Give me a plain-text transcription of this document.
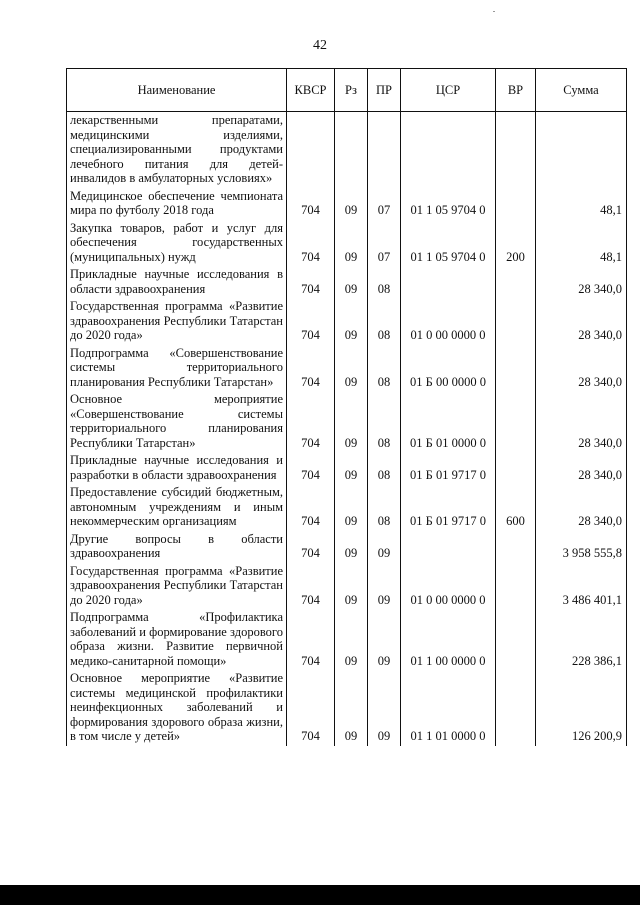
42
Наименование	КВСР	Рз	ПР	ЦСР	ВР	Сумма
лекарственными препаратами, медицинскими изделиями, специализированными продуктами лечебного питания для детей-инвалидов в амбулаторных условиях»						
Медицинское обеспечение чемпионата мира по футболу 2018 года	704	09	07	01 1 05 9704 0		48,1
Закупка товаров, работ и услуг для обеспечения государственных (муниципальных) нужд	704	09	07	01 1 05 9704 0	200	48,1
Прикладные научные исследования в области здравоохранения	704	09	08			28 340,0
Государственная программа «Развитие здравоохранения Республики Татарстан до 2020 года»	704	09	08	01 0 00 0000 0		28 340,0
Подпрограмма «Совершенствование системы территориального планирования Республики Татарстан»	704	09	08	01 Б 00 0000 0		28 340,0
Основное мероприятие «Совершенствование системы территориального планирования Республики Татарстан»	704	09	08	01 Б 01 0000 0		28 340,0
Прикладные научные исследования и разработки в области здравоохранения	704	09	08	01 Б 01 9717 0		28 340,0
Предоставление субсидий бюджетным, автономным учреждениям и иным некоммерческим организациям	704	09	08	01 Б 01 9717 0	600	28 340,0
Другие вопросы в области здравоохранения	704	09	09			3 958 555,8
Государственная программа «Развитие здравоохранения Республики Татарстан до 2020 года»	704	09	09	01 0 00 0000 0		3 486 401,1
Подпрограмма «Профилактика заболеваний и формирование здорового образа жизни. Развитие первичной медико-санитарной помощи»	704	09	09	01 1 00 0000 0		228 386,1
Основное мероприятие «Развитие системы медицинской профилактики неинфекционных заболеваний и формирования здорового образа жизни, в том числе у детей»	704	09	09	01 1 01 0000 0		126 200,9
